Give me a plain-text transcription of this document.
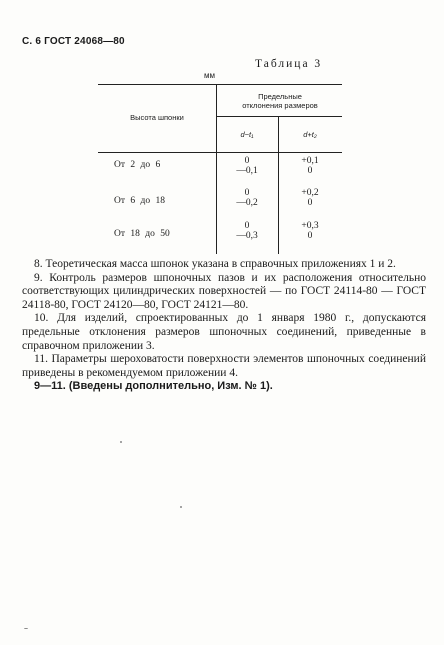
С. 6 ГОСТ 24068—80
Таблица 3
мм
Высота шпонки
Предельные отклонения размеров
d−t₁	d+t₂
От 2 до 6	0
—0,1
+0,1
0
От 6 до 18
0
—0,2
+0,2
0
От 18 до 50
0
—0,3
+0,3
0

8. Теоретическая масса шпонок указана в справочных приложениях 1 и 2.

9. Контроль размеров шпоночных пазов и их расположения относительно соответствующих цилиндрических поверхностей — по ГОСТ 24114-80 — ГОСТ 24118-80, ГОСТ 24120—80, ГОСТ 24121—80.

10. Для изделий, спроектированных до 1 января 1980 г., допускаются предельные отклонения размеров шпоночных соединений, приведенные в справочном приложении 3.

11. Параметры шероховатости поверхности элементов шпоночных соединений приведены в рекомендуемом приложении 4.

9—11. (Введены дополнительно, Изм. № 1).
